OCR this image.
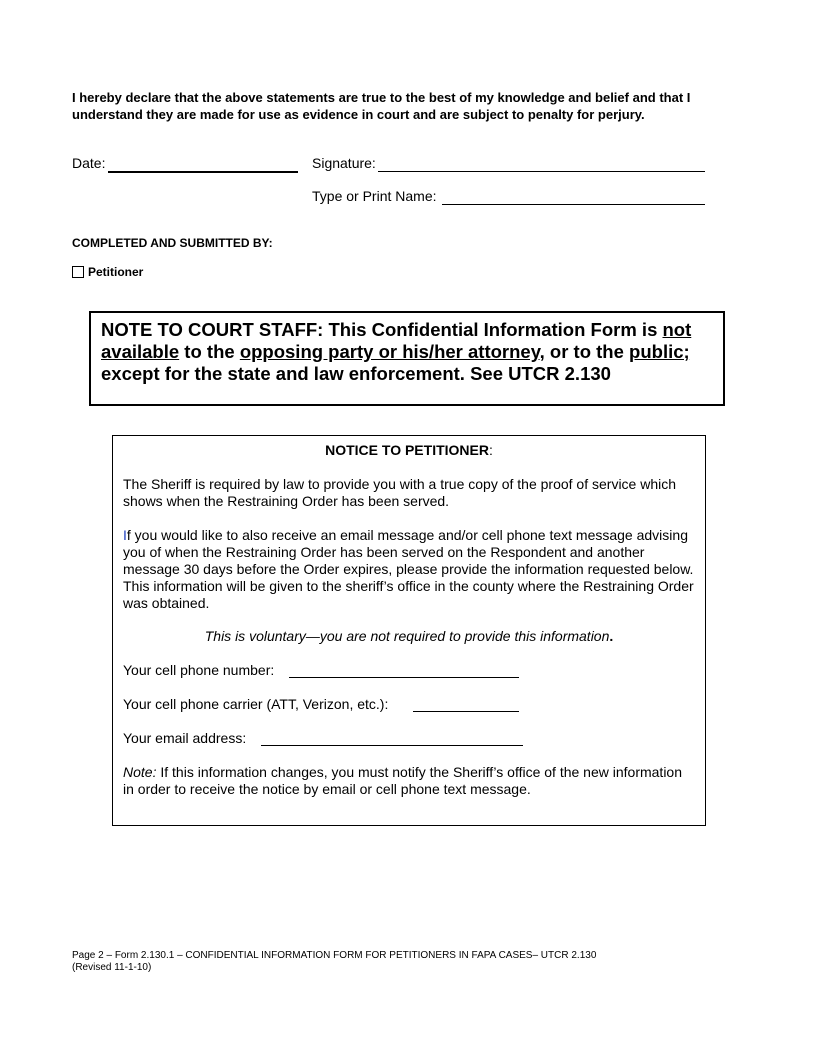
I hereby declare that the above statements are true to the best of my knowledge and belief and that I understand they are made for use as evidence in court and are subject to penalty for perjury.
Date:	Signature:
Type or Print Name:
COMPLETED AND SUBMITTED BY:
Petitioner
NOTE TO COURT STAFF: This Confidential Information Form is not available to the opposing party or his/her attorney, or to the public; except for the state and law enforcement. See UTCR 2.130
NOTICE TO PETITIONER:
The Sheriff is required by law to provide you with a true copy of the proof of service which shows when the Restraining Order has been served.
If you would like to also receive an email message and/or cell phone text message advising you of when the Restraining Order has been served on the Respondent and another message 30 days before the Order expires, please provide the information requested below. This information will be given to the sheriff’s office in the county where the Restraining Order was obtained.
This is voluntary—you are not required to provide this information.
Your cell phone number:
Your cell phone carrier (ATT, Verizon, etc.):
Your email address:
Note: If this information changes, you must notify the Sheriff’s office of the new information in order to receive the notice by email or cell phone text message.
Page 2 – Form 2.130.1 – CONFIDENTIAL INFORMATION FORM FOR PETITIONERS IN FAPA CASES– UTCR 2.130
(Revised 11-1-10)
